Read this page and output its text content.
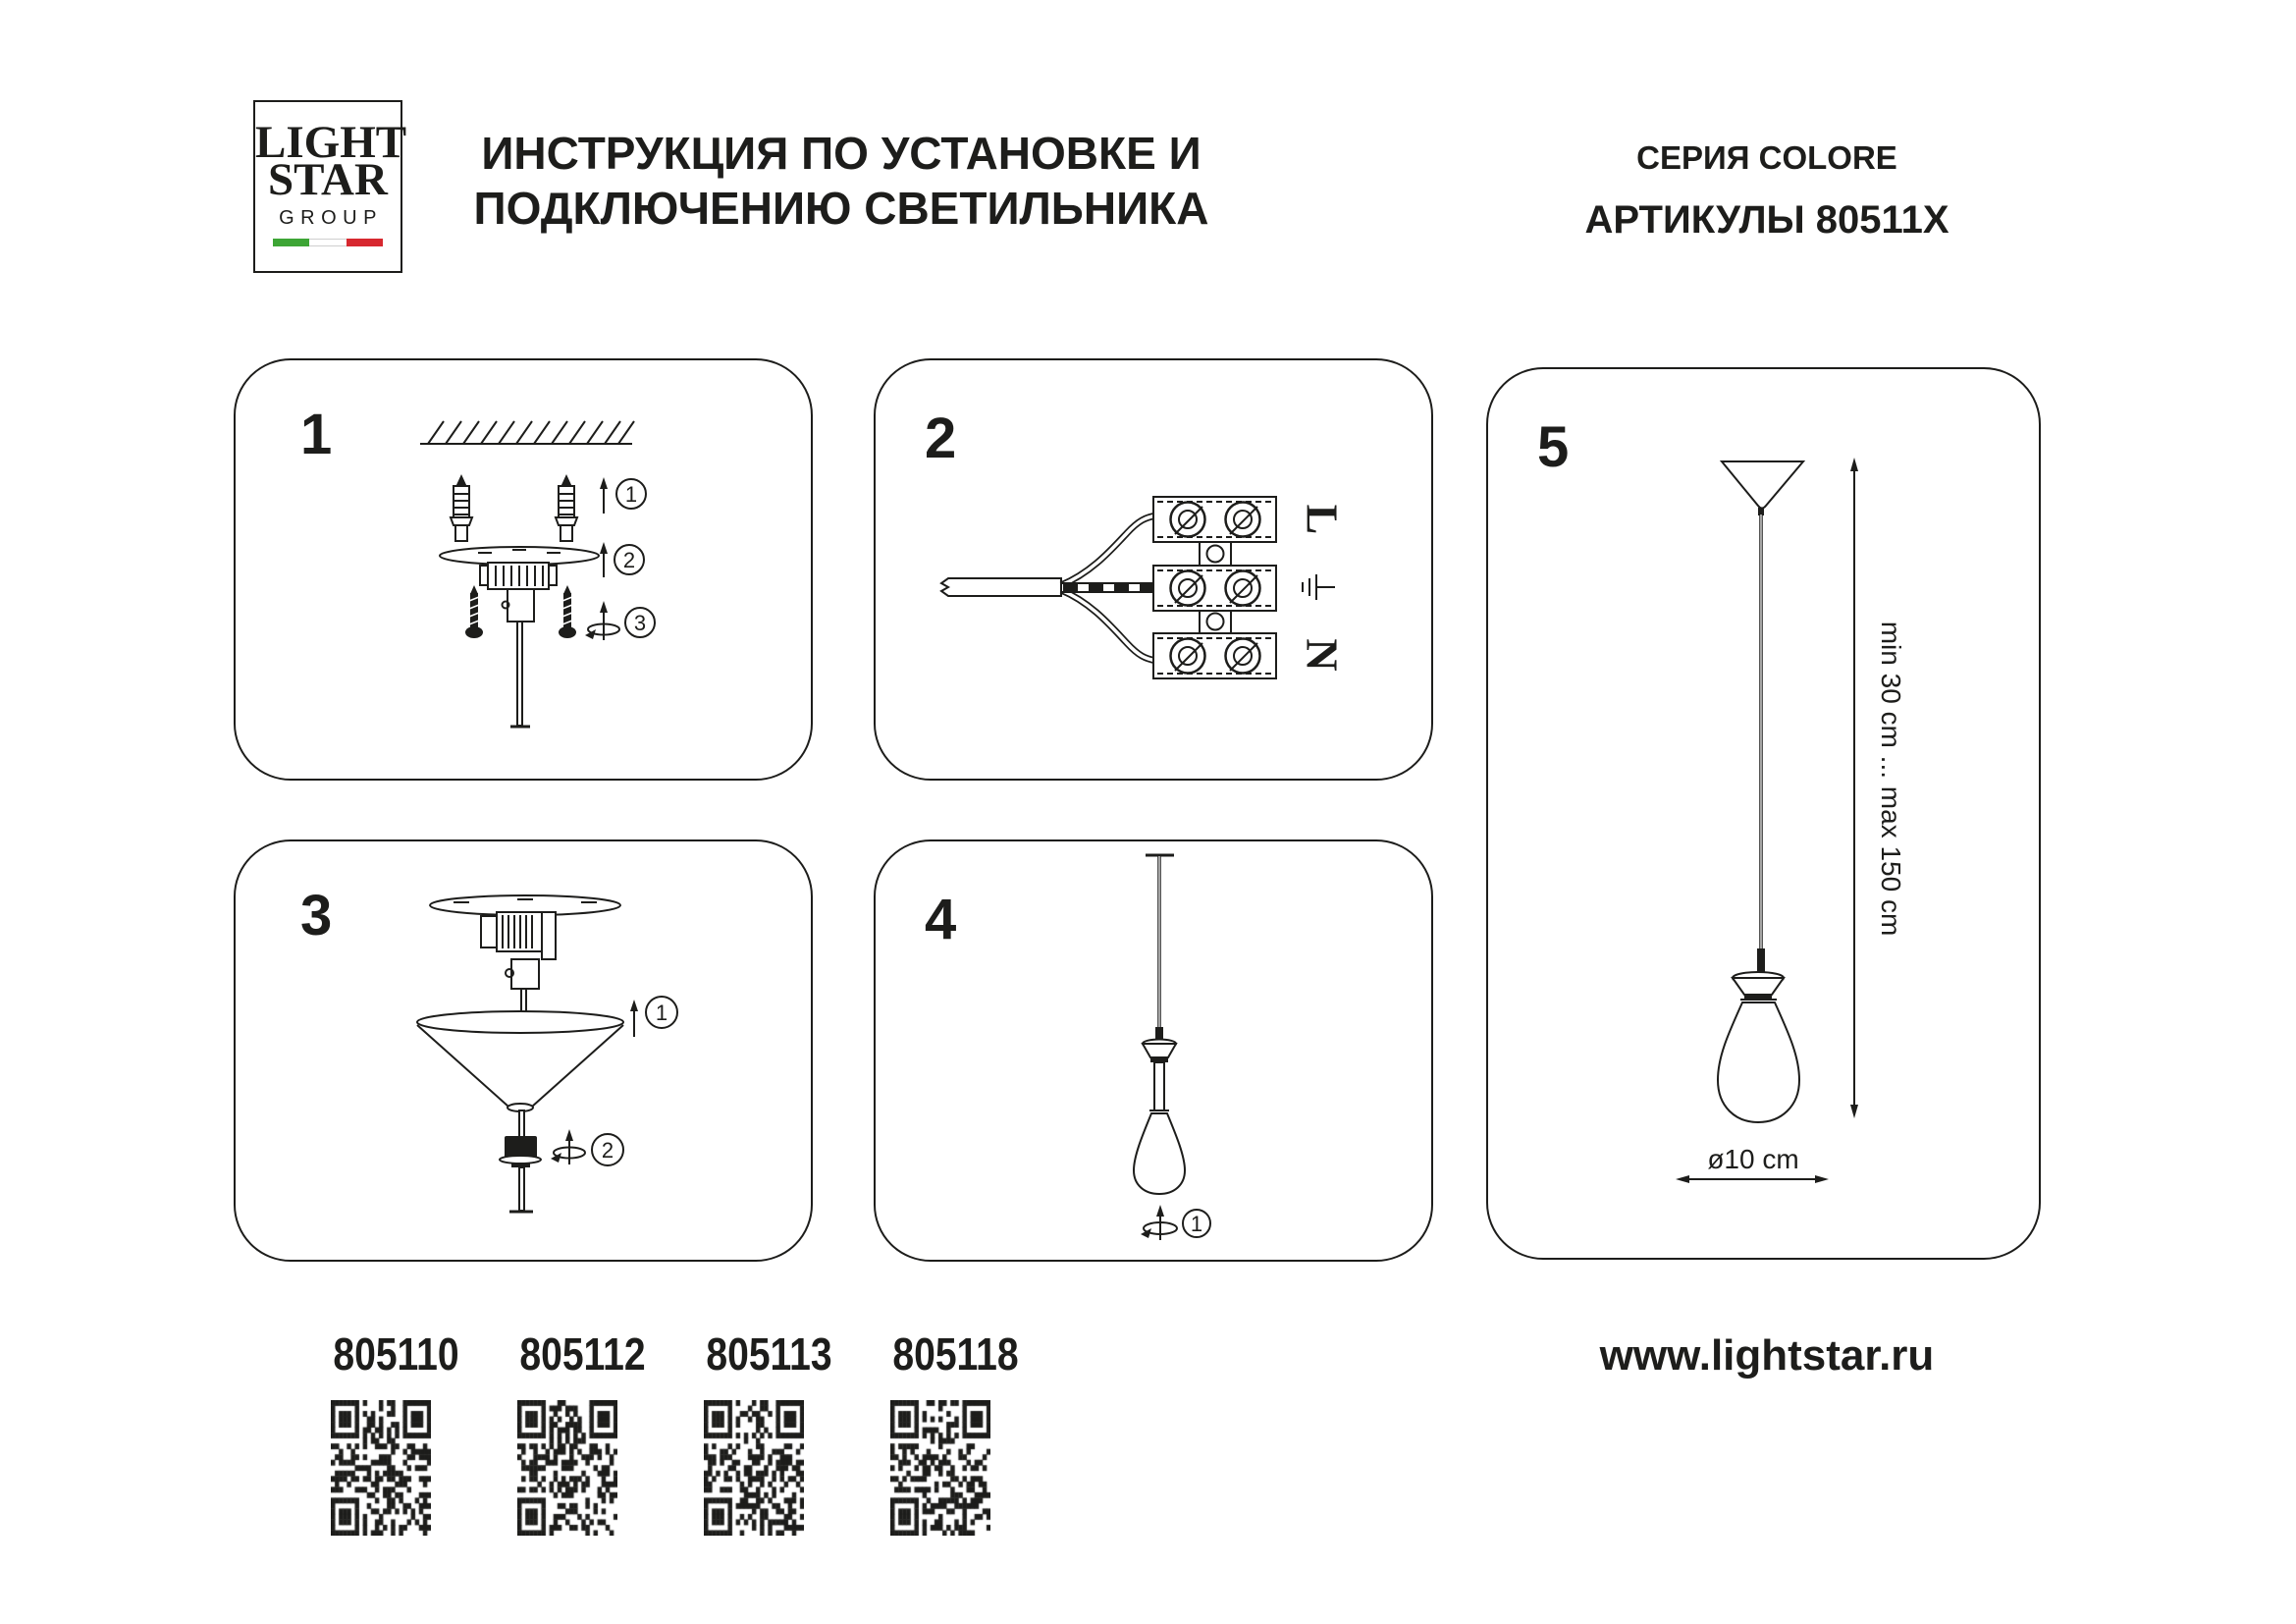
LIGHT
STAR
GROUP
ИНСТРУКЦИЯ ПО УСТАНОВКЕ И
ПОДКЛЮЧЕНИЮ СВЕТИЛЬНИКА
СЕРИЯ COLORE
АРТИКУЛЫ 80511X
1	2
3	4
5
1
2
3
L
N
1
2
1
min 30 cm ... max 150 cm
ø10 cm
805110 805112 805113 805118	www.lightstar.ru
